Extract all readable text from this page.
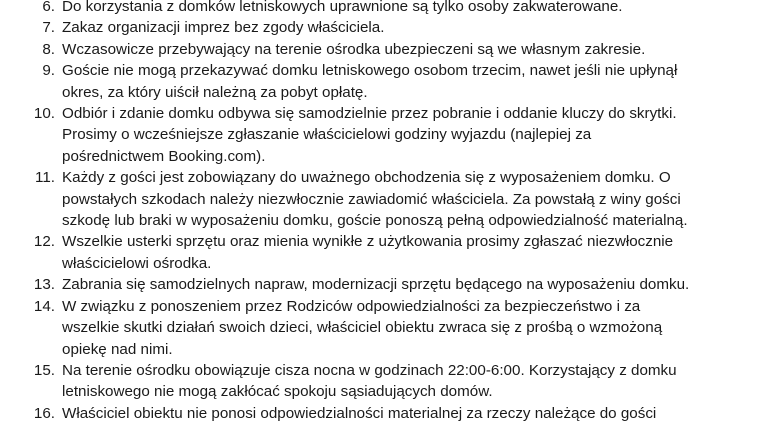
6. Do korzystania z domków letniskowych uprawnione są tylko osoby zakwaterowane.
7. Zakaz organizacji imprez bez zgody właściciela.
8. Wczasowicze przebywający na terenie ośrodka ubezpieczeni są we własnym zakresie.
9. Goście nie mogą przekazywać domku letniskowego osobom trzecim, nawet jeśli nie upłynął
okres, za który uiścił należną za pobyt opłatę.
10. Odbiór i zdanie domku odbywa się samodzielnie przez pobranie i oddanie kluczy do skrytki.
Prosimy o wcześniejsze zgłaszanie właścicielowi godziny wyjazdu (najlepiej za
pośrednictwem Booking.com).
11. Każdy z gości jest zobowiązany do uważnego obchodzenia się z wyposażeniem domku. O
powstałych szkodach należy niezwłocznie zawiadomić właściciela. Za powstałą z winy gości
szkodę lub braki w wyposażeniu domku, goście ponoszą pełną odpowiedzialność materialną.
12. Wszelkie usterki sprzętu oraz mienia wynikłe z użytkowania prosimy zgłaszać niezwłocznie
właścicielowi ośrodka.
13. Zabrania się samodzielnych napraw, modernizacji sprzętu będącego na wyposażeniu domku.
14. W związku z ponoszeniem przez Rodziców odpowiedzialności za bezpieczeństwo i za
wszelkie skutki działań swoich dzieci, właściciel obiektu zwraca się z prośbą o wzmożoną
opiekę nad nimi.
15. Na terenie ośrodku obowiązuje cisza nocna w godzinach 22:00-6:00. Korzystający z domku
letniskowego nie mogą zakłócać spokoju sąsiadujących domów.
16. Właściciel obiektu nie ponosi odpowiedzialności materialnej za rzeczy należące do gości
